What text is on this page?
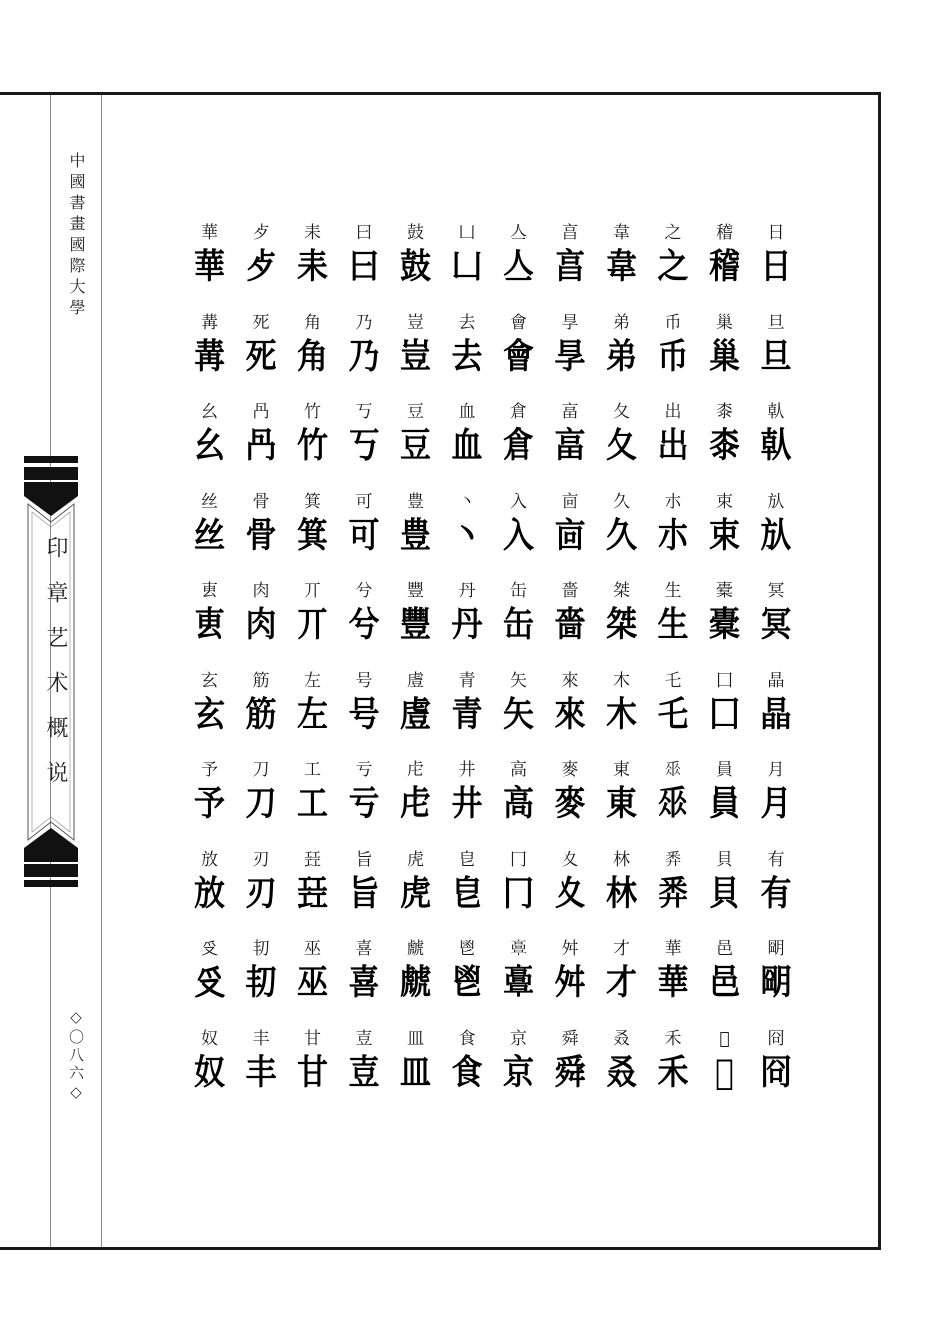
中國書畫國際大學
印章艺术概说
◇〇八六◇
日
日
旦
旦
倝
倝
㫃
㫃
冥
冥
晶
晶
月
月
有
有
朙
朙
冏
冏
稽
稽
巢
巢
桼
桼
束
束
橐
橐
囗
囗
員
員
貝
貝
邑
邑
𨛜
𨛜
之
之
币
币
出
出
朩
朩
生
生
乇
乇
𠂹
𠂹
𢍏
𢍏
華
華
禾
禾
韋
韋
弟
弟
夂
夂
久
久
桀
桀
木
木
東
東
林
林
才
才
叒
叒
亯
亯
㫗
㫗
畗
畗
㐭
㐭
嗇
嗇
來
來
麥
麥
夊
夊
舛
舛
舜
舜
亼
亼
會
會
倉
倉
入
入
缶
缶
矢
矢
高
高
冂
冂
𩫏
𩫏
京
京
凵
凵
去
去
血
血
丶
丶
丹
丹
青
青
井
井
皀
皀
鬯
鬯
食
食
鼓
鼓
豈
豈
豆
豆
豊
豊
豐
豐
䖒
䖒
虍
虍
虎
虎
虤
虤
皿
皿
曰
曰
乃
乃
丂
丂
可
可
兮
兮
号
号
亏
亏
旨
旨
喜
喜
壴
壴
耒
耒
角
角
竹
竹
箕
箕
丌
丌
左
左
工
工
㠭
㠭
巫
巫
甘
甘
歺
歺
死
死
冎
冎
骨
骨
肉
肉
筋
筋
刀
刀
刃
刃
㓞
㓞
丰
丰
華
華
冓
冓
幺
幺
丝
丝
叀
叀
玄
玄
予
予
放
放
𠬪
𠬪
奴
奴
